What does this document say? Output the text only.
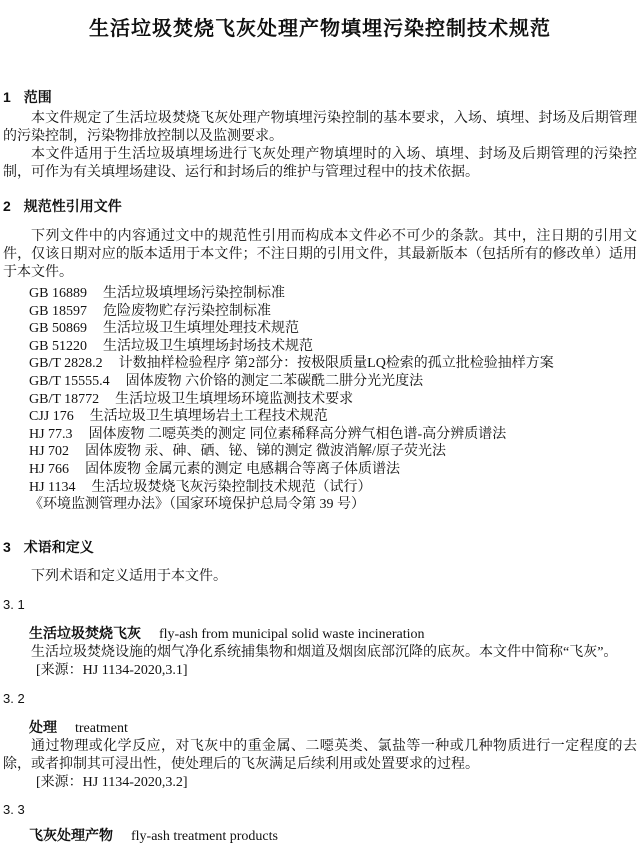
生活垃圾焚烧飞灰处理产物填埋污染控制技术规范
1 范围

本文件规定了生活垃圾焚烧飞灰处理产物填埋污染控制的基本要求，入场、填埋、封场及后期管理的污染控制，污染物排放控制以及监测要求。

本文件适用于生活垃圾填埋场进行飞灰处理产物填埋时的入场、填埋、封场及后期管理的污染控制，可作为有关填埋场建设、运行和封场后的维护与管理过程中的技术依据。

2 规范性引用文件

下列文件中的内容通过文中的规范性引用而构成本文件必不可少的条款。其中，注日期的引用文件，仅该日期对应的版本适用于本文件；不注日期的引用文件，其最新版本（包括所有的修改单）适用于本文件。

GB 16889 生活垃圾填埋场污染控制标准
GB 18597 危险废物贮存污染控制标准
GB 50869 生活垃圾卫生填埋处理技术规范
GB 51220 生活垃圾卫生填埋场封场技术规范
GB/T 2828.2 计数抽样检验程序 第2部分：按极限质量LQ检索的孤立批检验抽样方案
GB/T 15555.4 固体废物 六价铬的测定二苯碳酰二肼分光光度法
GB/T 18772 生活垃圾卫生填埋场环境监测技术要求
CJJ 176 生活垃圾卫生填埋场岩土工程技术规范
HJ 77.3 固体废物 二噁英类的测定 同位素稀释高分辨气相色谱-高分辨质谱法
HJ 702 固体废物 汞、砷、硒、铋、锑的测定 微波消解/原子荧光法
HJ 766 固体废物 金属元素的测定 电感耦合等离子体质谱法
HJ 1134 生活垃圾焚烧飞灰污染控制技术规范（试行）
《环境监测管理办法》（国家环境保护总局令第 39 号）
3 术语和定义

下列术语和定义适用于本文件。

3. 1
生活垃圾焚烧飞灰 fly-ash from municipal solid waste incineration

生活垃圾焚烧设施的烟气净化系统捕集物和烟道及烟囱底部沉降的底灰。本文件中简称“飞灰”。

[来源：HJ 1134-2020,3.1]
3. 2
处理 treatment

通过物理或化学反应，对飞灰中的重金属、二噁英类、氯盐等一种或几种物质进行一定程度的去除，或者抑制其可浸出性，使处理后的飞灰满足后续利用或处置要求的过程。

[来源：HJ 1134-2020,3.2]
3. 3
飞灰处理产物 fly-ash treatment products
